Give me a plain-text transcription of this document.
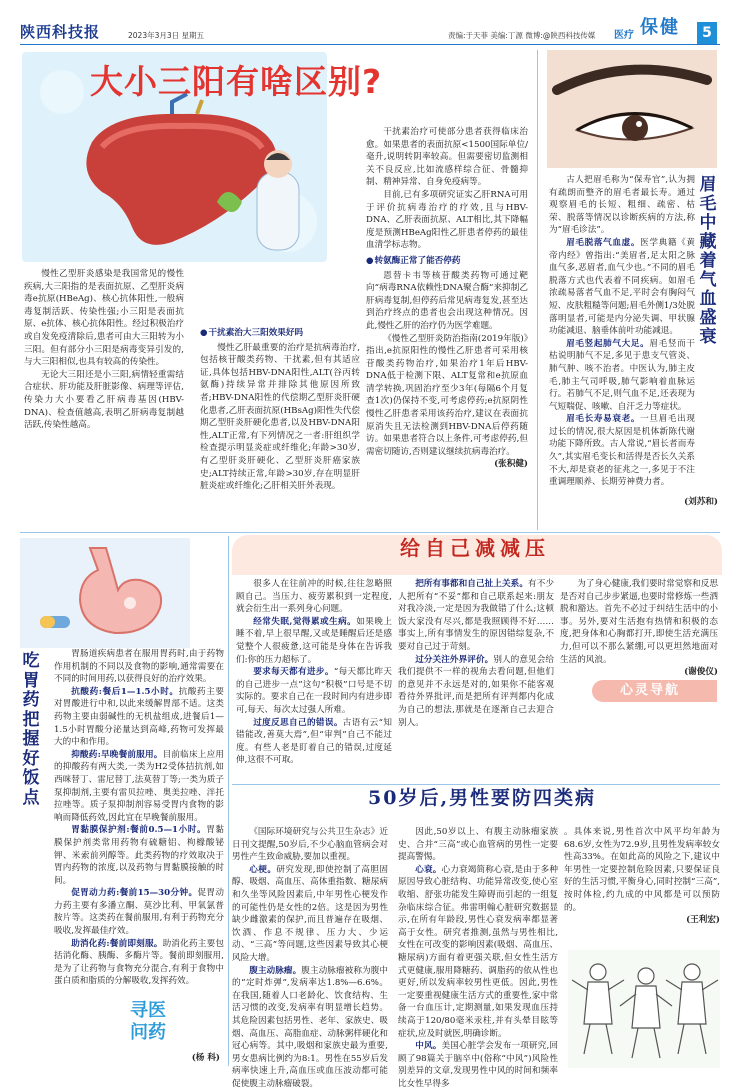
陕西科技报	2023年3月3日 星期五	责编:于天菲 美编:丁源 微博:@陕西科技传媒 医疗 保健	5
大小三阳有啥区别?

慢性乙型肝炎感染是我国常见的慢性疾病,大三阳指的是表面抗原、乙型肝炎病毒e抗原(HBeAg)、核心抗体阳性,一般病毒复制活跃、传染性强;小三阳是表面抗原、e抗体、核心抗体阳性。经过积极治疗或自发免疫清除后,患者可由大三阳转为小三阳。但有部分小三阳是病毒变异引发的,与大三阳相似,也具有较高的传染性。

无论大三阳还是小三阳,病情轻重需结合症状、肝功能及肝脏影像、病理等评估,传染力大小要看乙肝病毒基因(HBV-DNA)、检查值越高,表明乙肝病毒复制越活跃,传染性越高。

● 干扰素治大三阳效果好吗

慢性乙肝最重要的治疗是抗病毒治疗,包括核苷酸类药物、干扰素,但有其适应证,具体包括HBV-DNA阳性,ALT(谷丙转氨酶)持续异常并排除其他原因所致者;HBV-DNA阳性的代偿期乙型肝炎肝硬化患者,乙肝表面抗原(HBsAg)阳性失代偿期乙型肝炎肝硬化患者,以及HBV-DNA阳性,ALT正常,有下列情况之一者:肝组织学检查提示明显炎症或纤维化;年龄>30岁,有乙型肝炎肝硬化、乙型肝炎肝癌家族史;ALT持续正常,年龄>30岁,存在明显肝脏炎症或纤维化;乙肝相关肝外表现。

干扰素治疗可使部分患者获得临床治愈。如果患者的表面抗原<1500国际单位/毫升,说明转阴率较高。但需要密切监测相关不良反应,比如流感样综合征、骨髓抑制、精神异常、自身免疫病等。

目前,已有多项研究证实乙肝RNA可用于评价抗病毒治疗的疗效,且与HBV-DNA、乙肝表面抗原、ALT相比,其下降幅度是预测HBeAg阳性乙肝患者停药的最佳血清学标志物。

● 转氨酶正常了能否停药

恩替卡韦等核苷酸类药物可通过靶向“病毒RNA依赖性DNA聚合酶”来抑制乙肝病毒复制,但停药后常见病毒复发,甚至达到治疗终点的患者也会出现这种情况。因此,慢性乙肝的治疗仍为医学难题。

《慢性乙型肝炎防治指南(2019年版)》指出,e抗原阳性的慢性乙肝患者可采用核苷酸类药物治疗,如果治疗1年后HBV-DNA低于检测下限、ALT复常和e抗原血清学转换,巩固治疗至少3年(每隔6个月复查1次)仍保持不变,可考虑停药;e抗原阴性慢性乙肝患者采用该药治疗,建议在表面抗原消失且无法检测到HBV-DNA后停药随访。如果患者符合以上条件,可考虑停药,但需密切随访,否则建议继续抗病毒治疗。

(张积健)
眉毛中藏着气血盛衰

古人把眉毛称为“保寿官”,认为拥有疏朗而整齐的眉毛者最长寿。通过观察眉毛的长短、粗细、疏密、枯荣、脱落等情况以诊断疾病的方法,称为“眉毛诊法”。

眉毛脱落气血虚。医学典籍《黄帝内经》曾指出:“美眉者,足太阳之脉血气多,恶眉者,血气少也。”不同的眉毛脱落方式也代表着不同疾病。如眉毛浓疏易落者气血不足,平时会有胸闷气短、皮肤粗糙等问题;眉毛外侧1/3处脱落明显者,可能是内分泌失调、甲状腺功能减退、脑垂体前叶功能减退。

眉毛竖起肺气大足。眉毛竖而干枯说明肺气不足,多见于患支气管炎、肺气肿、咳不治者。中医认为,肺主皮毛,肺主气司呼吸,肺气影响着血脉运行。若肺气不足,则气血不足,还表现为气短喘促、咳嗽、自汗乏力等症状。

眉毛长寿易衰老。一旦眉毛出现过长的情况,很大原因是机体新陈代谢功能下降所致。古人常说,“眉长者而寿久”,其实眉毛变长和活得是否长久关系不大,却是衰老的征兆之一,多见于不注重调理顺养、长期劳神费力者。

(刘苏和)
吃胃药把握好饭点

胃肠道疾病患者在服用胃药时,由于药物作用机制的不同以及食物的影响,通常需要在不同的时间用药,以获得良好的治疗效果。

抗酸药:餐后1—1.5小时。抗酸药主要对胃酸进行中和,以此来缓解胃部不适。这类药物主要由弱碱性的无机盐组成,进餐后1—1.5小时胃酸分泌量达到高峰,药物可发挥最大的中和作用。

抑酸药:早晚餐前服用。目前临床上应用的抑酸药有两大类,一类为H2受体拮抗剂,如西咪替丁、雷尼替丁,法莫替丁等;一类为质子泵抑制剂,主要有雷贝拉唑、奥美拉唑、泮托拉唑等。质子泵抑制剂容易受胃内食物的影响而降低药效,因此宜在早晚餐前服用。

胃黏膜保护剂:餐前0.5—1小时。胃黏膜保护剂类常用药物有硫糖铝、枸橼酸铋钾、米索前列醇等。此类药物的疗效取决于胃内药物的浓度,以及药物与胃黏膜接触的时间。

促胃动力药:餐前15—30分钟。促胃动力药主要有多潘立酮、莫沙比利、甲氧氯普胺片等。这类药在餐前服用,有利于药物充分吸收,发挥最佳疗效。

助消化药:餐前即刻服。助消化药主要包括消化酶、胰酶、多酶片等。餐前即刻服用,是为了让药物与食物充分混合,有利于食物中蛋白质和脂质的分解吸收,发挥药效。

(杨 科)
寻医
问药
给自己减减压

很多人在往前冲的时候,往往忽略照顾自己。当压力、疲劳累积到一定程度,就会衍生出一系列身心问题。

经常失眠,觉得累或生病。如果晚上睡不着,早上很早醒,又或是睡醒后还是感觉整个人很疲惫,这可能是身体在告诉我们:你的压力超标了。

要求每天都有进步。“每天都比昨天的自己进步一点”这句“积极”口号是不切实际的。要求自己在一段时间内有进步即可,每天、每次太过强人所难。

过度反思自己的错误。古语有云“知错能改,善莫大焉”,但“审判”自己不能过度。有些人老是盯着自己的错误,过度延伸,这很不可取。

把所有事都和自己扯上关系。有不少人把所有“不妥”都和自己联系起来:朋友对我冷淡,一定是因为我做错了什么;这顿饭大家没有尽兴,都是我照顾得不好……事实上,所有事情发生的原因错综复杂,不要对自己过于苛刻。

过分关注外界评价。别人的意见会给我们提供不一样的视角去看问题,但他们的意见并不永远是对的,如果你不能客观看待外界批评,而是把所有评判都内化成为自己的想法,那就是在逐渐自己去迎合别人。

为了身心健康,我们要时常觉察和反思是否对自己步步紧逼,也要时常修炼一些洒脱和豁达。首先不必过于纠结生活中的小事。另外,要对生活抱有热情和积极的态度,把身体和心胸都打开,即使生活充满压力,但可以不那么紧绷,可以更坦然地面对生活的风浪。

(谢俊仪)
心灵导航
50岁后,男性要防四类病

《国际环境研究与公共卫生杂志》近日刊文提醒,50岁后,不少心脑血管病会对男性产生致命威胁,要加以重视。

心梗。研究发现,即使控制了高胆固醇、吸烟、高血压、高体重指数、糖尿病和久坐等风险因素后,中年男性心梗发作的可能性仍是女性的2倍。这是因为男性缺少雌激素的保护,而且普遍存在吸烟、饮酒、作息不规律、压力大、少运动、“三高”等问题,这些因素导致其心梗风险大增。

腹主动脉瘤。腹主动脉瘤被称为腹中的“定时炸弹”,发病率达1.8%—6.6%。在我国,随着人口老龄化、饮食结构、生活习惯的改变,发病率有明显增长趋势。其危险因素包括男性、老年、家族史、吸烟、高血压、高脂血症、动脉粥样硬化和冠心病等。其中,吸烟和家族史最为重要,男女患病比例约为8:1。男性在55岁后发病率快速上升,高血压或血压波动都可能促使腹主动脉瘤破裂。

因此,50岁以上、有腹主动脉瘤家族史、合并“三高”或心血管病的男性一定要提高警惕。

心衰。心力衰竭简称心衰,是由于多种原因导致心脏结构、功能异常改变,使心室收缩、舒张功能发生障碍而引起的一组复杂临床综合征。弗雷明翰心脏研究数据显示,在所有年龄段,男性心衰发病率都显著高于女性。研究者推测,虽然与男性相比,女性在可改变的影响因素(吸烟、高血压、糖尿病)方面有着更强关联,但女性生活方式更健康,服用降糖药、调脂药的依从性也更好,所以发病率较男性更低。因此,男性一定要重视健康生活方式的重要性,家中常备一台血压计,定期测量,如果发现血压持续高于120/80毫米汞柱,并有头晕目眩等症状,应及时就医,明确诊断。

中风。美国心脏学会发布一项研究,回顾了98篇关于脑卒中(俗称“中风”)风险性别差异的文章,发现男性中风的时间和频率比女性早得多

。具体来说,男性首次中风平均年龄为68.6岁,女性为72.9岁,且男性发病率较女性高33%。在如此高的风险之下,建议中年男性一定要控制危险因素,只要保证良好的生活习惯,平衡身心,同时控制“三高”,按时体检,约九成的中风都是可以预防的。

(王利宏)
